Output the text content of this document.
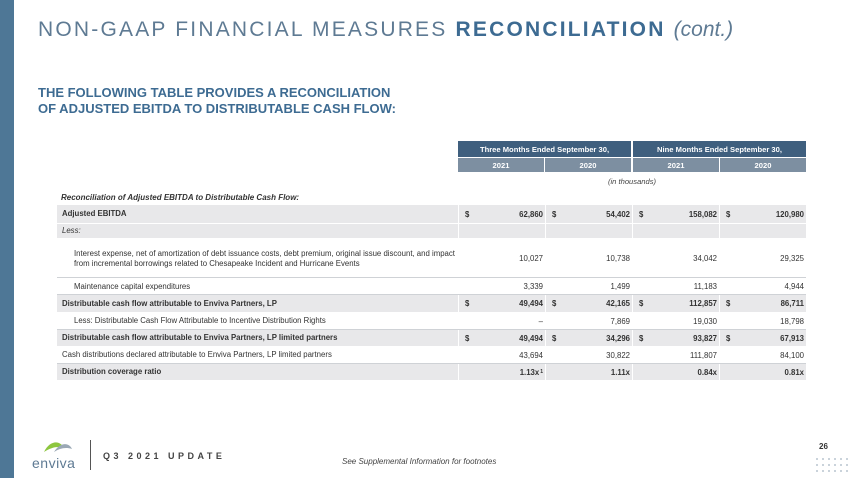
NON-GAAP FINANCIAL MEASURES RECONCILIATION (cont.)
THE FOLLOWING TABLE PROVIDES A RECONCILIATION
OF ADJUSTED EBITDA TO DISTRIBUTABLE CASH FLOW:
Three Months Ended September 30,	Nine Months Ended September 30,
2021	2020	2021	2020
(in thousands)
Reconciliation of Adjusted EBITDA to Distributable Cash Flow:
Adjusted EBITDA	$	62,860 $	54,402 $	158,082 $	120,980
Less:
Interest expense, net of amortization of debt issuance costs, debt premium, original issue discount, and impact from incremental borrowings related to Chesapeake Incident and Hurricane Events	10,027	10,738	34,042	29,325
Maintenance capital expenditures	3,339	1,499	11,183	4,944
Distributable cash flow attributable to Enviva Partners, LP	$	49,494 $	42,165 $	112,857 $	86,711
Less: Distributable Cash Flow Attributable to Incentive Distribution Rights	–	7,869	19,030	18,798
Distributable cash flow attributable to Enviva Partners, LP limited partners	$	49,494 $	34,296 $	93,827 $	67,913
Cash distributions declared attributable to Enviva Partners, LP limited partners	43,694	30,822	111,807	84,100
Distribution coverage ratio	1.13x 1	1.11x	0.84x	0.81x
enviva	Q3 2021 UPDATE
See Supplemental Information for footnotes
26
